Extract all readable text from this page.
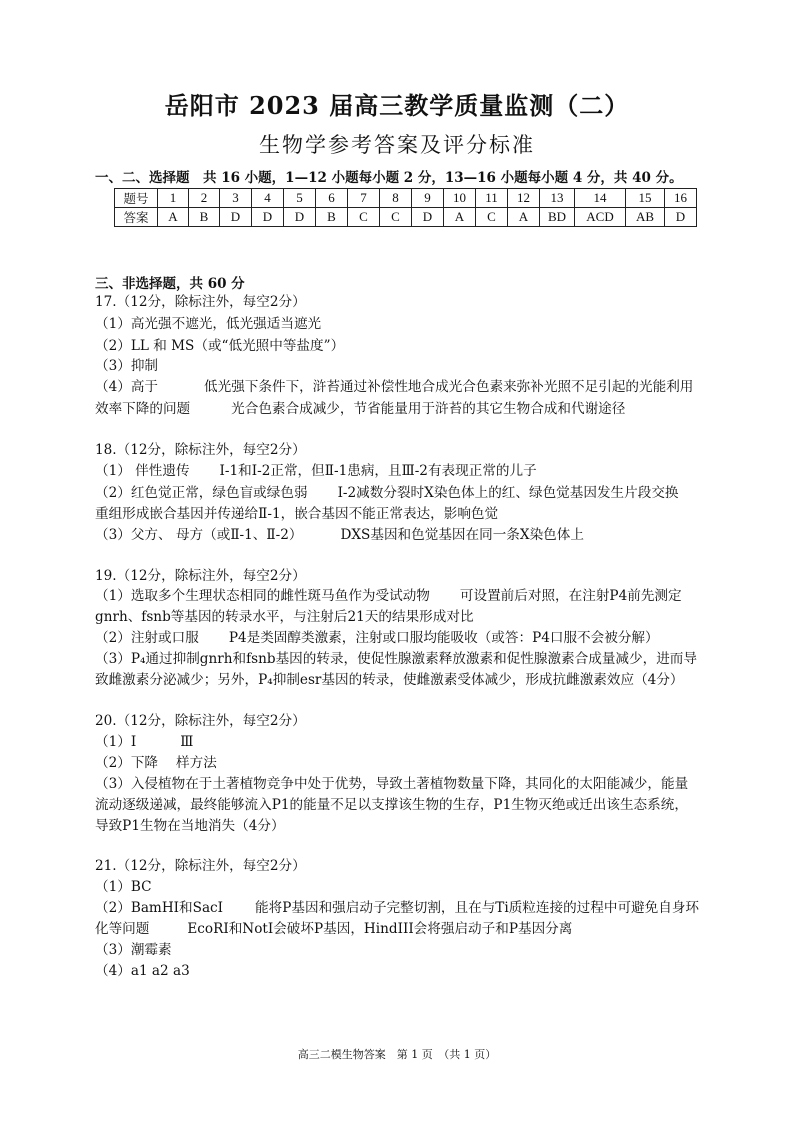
岳阳市 2023 届高三教学质量监测（二）
生物学参考答案及评分标准
一、二、选择题　共 16 小题，1—12 小题每小题 2 分，13—16 小题每小题 4 分，共 40 分。
题号	1	2	3	4	5	6	7	8	9	10	11	12	13	14	15	16
答案	A	B	D	D	D	B	C	C	D	A	C	A	BD	ACD	AB	D
三、非选择题，共 60 分
17.（12分，除标注外，每空2分）
（1）高光强不遮光，低光强适当遮光
（2）LL 和 MS（或“低光照中等盐度”）
（3）抑制
（4）高于	低光强下条件下，浒苔通过补偿性地合成光合色素来弥补光照不足引起的光能利用
效率下降的问题	光合色素合成减少，节省能量用于浒苔的其它生物合成和代谢途径
18.（12分，除标注外，每空2分）
（1） 伴性遗传 Ⅰ-1和Ⅰ-2正常，但Ⅱ-1患病，且Ⅲ-2有表现正常的儿子
（2）红色觉正常，绿色盲或绿色弱 Ⅰ-2减数分裂时X染色体上的红、绿色觉基因发生片段交换
重组形成嵌合基因并传递给Ⅱ-1，嵌合基因不能正常表达，影响色觉
（3）父方、 母方（或Ⅱ-1、Ⅱ-2）	DXS基因和色觉基因在同一条X染色体上
19.（12分，除标注外，每空2分）
（1）选取多个生理状态相同的雌性斑马鱼作为受试动物 可设置前后对照，在注射P4前先测定
gnrh、fsnb等基因的转录水平，与注射后21天的结果形成对比
（2）注射或口服 P4是类固醇类激素，注射或口服均能吸收（或答：P4口服不会被分解）
（3）P₄通过抑制gnrh和fsnb基因的转录，使促性腺激素释放激素和促性腺激素合成量减少，进而导
致雌激素分泌减少；另外，P₄抑制esr基因的转录，使雌激素受体减少，形成抗雌激素效应（4分）
20.（12分，除标注外，每空2分）
（1）Ⅰ	Ⅲ
（2）下降 样方法
（3）入侵植物在于土著植物竞争中处于优势，导致土著植物数量下降，其同化的太阳能减少，能量
流动逐级递减，最终能够流入P1的能量不足以支撑该生物的生存，P1生物灭绝或迁出该生态系统，
导致P1生物在当地消失（4分）
21.（12分，除标注外，每空2分）
（1）BC
（2）BamHI和SacI 能将P基因和强启动子完整切割，且在与Ti质粒连接的过程中可避免自身环
化等问题	EcoRI和NotI会破坏P基因，HindIII会将强启动子和P基因分离
（3）潮霉素
（4）a1 a2 a3
高三二模生物答案　第 1 页　（共 1 页）
